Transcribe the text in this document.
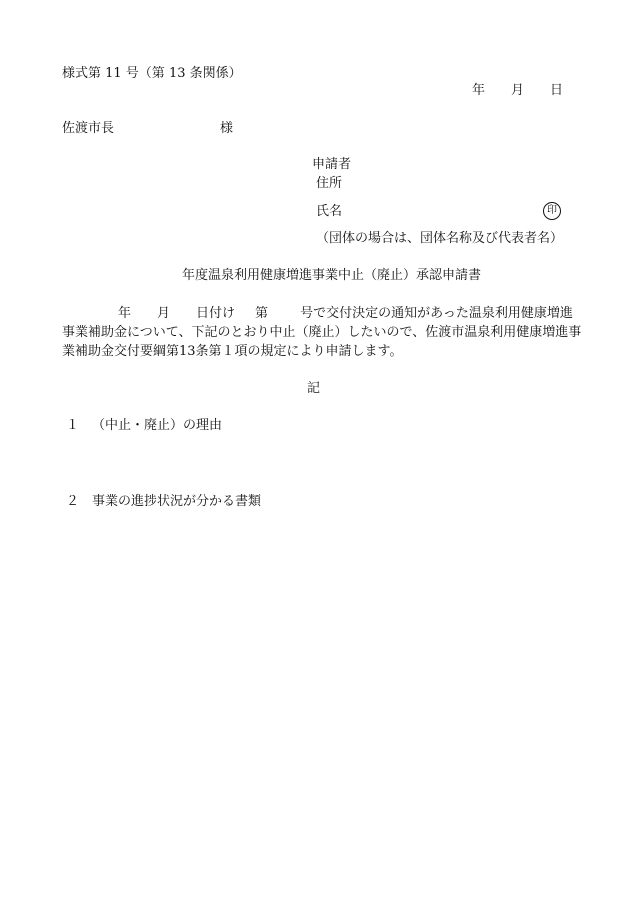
様式第 11 号（第 13 条関係）
年 月 日
佐渡市長	様
申請者
住所
氏名	印
（団体の場合は、団体名称及び代表者名）
年度温泉利用健康増進事業中止（廃止）承認申請書
年 月 日付け 第 号で交付決定の通知があった温泉利用健康増進事業補助金について、下記のとおり中止（廃止）したいので、佐渡市温泉利用健康増進事業補助金交付要綱第13条第１項の規定により申請します。
記
１ （中止・廃止）の理由
２ 事業の進捗状況が分かる書類
